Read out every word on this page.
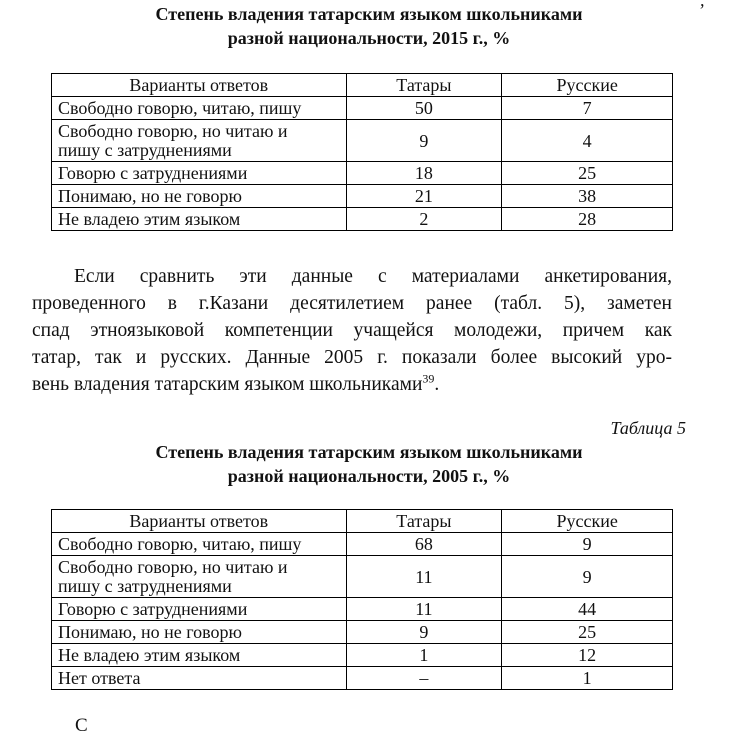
,
Степень владения татарским языком школьниками
разной национальности, 2015 г., %
Варианты ответов	Татары	Русские
Свободно говорю, читаю, пишу	50	7

Свободно говорю, но читаю и
пишу с затруднениями	9	4
Говорю с затруднениями	18	25
Понимаю, но не говорю	21	38
Не владею этим языком	2	28
Если сравнить эти данные с материалами анкетирования,
проведенного в г.Казани десятилетием ранее (табл. 5), заметен
спад этноязыковой компетенции учащейся молодежи, причем как
татар, так и русских. Данные 2005 г. показали более высокий уро-
вень владения татарским языком школьниками$^{39}$.
Таблица 5
Степень владения татарским языком школьниками
разной национальности, 2005 г., %
Варианты ответов	Татары	Русские
Свободно говорю, читаю, пишу	68	9

Свободно говорю, но читаю и
пишу с затруднениями	11	9
Говорю с затруднениями	11	44
Понимаю, но не говорю	9	25
Не владею этим языком	1	12
Нет ответа	–	1
С
